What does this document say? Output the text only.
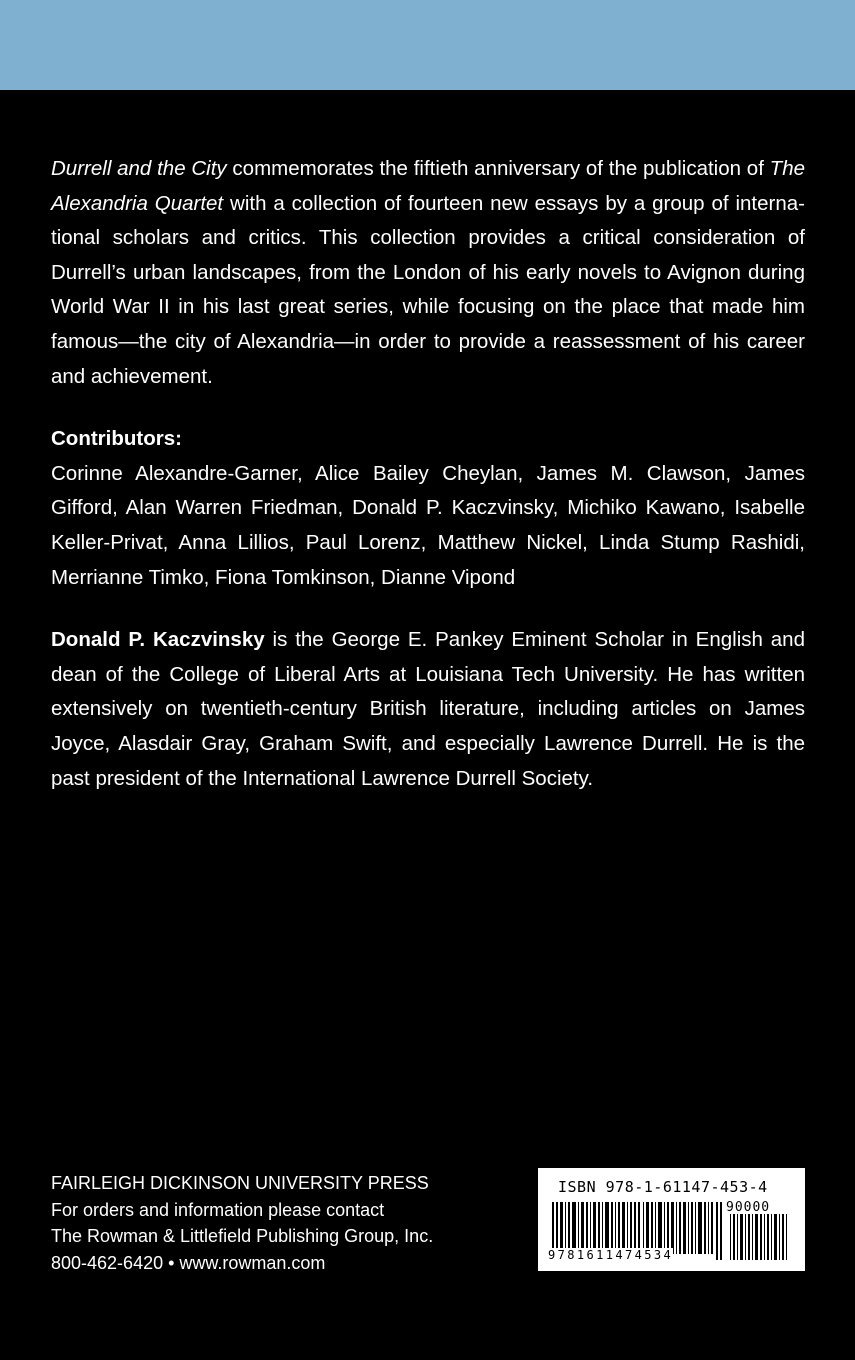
Durrell and the City commemorates the fiftieth anniversary of the publication of The Alexandria Quartet with a collection of fourteen new essays by a group of international scholars and critics. This collection provides a critical consideration of Durrell’s urban landscapes, from the London of his early novels to Avignon during World War II in his last great series, while focusing on the place that made him famous—the city of Alexandria—in order to provide a reassessment of his career and achievement.

Contributors:

Corinne Alexandre-Garner, Alice Bailey Cheylan, James M. Clawson, James Gifford, Alan Warren Friedman, Donald P. Kaczvinsky, Michiko Kawano, Isabelle Keller-Privat, Anna Lillios, Paul Lorenz, Matthew Nickel, Linda Stump Rashidi, Merrianne Timko, Fiona Tomkinson, Dianne Vipond

Donald P. Kaczvinsky is the George E. Pankey Eminent Scholar in English and dean of the College of Liberal Arts at Louisiana Tech University. He has written extensively on twentieth-century British literature, including articles on James Joyce, Alasdair Gray, Graham Swift, and especially Lawrence Durrell. He is the past president of the International Lawrence Durrell Society.

FAIRLEIGH DICKINSON UNIVERSITY PRESS
For orders and information please contact
The Rowman & Littlefield Publishing Group, Inc.
800-462-6420 • www.rowman.com
ISBN 978-1-61147-453-4
90000
9781611474534
